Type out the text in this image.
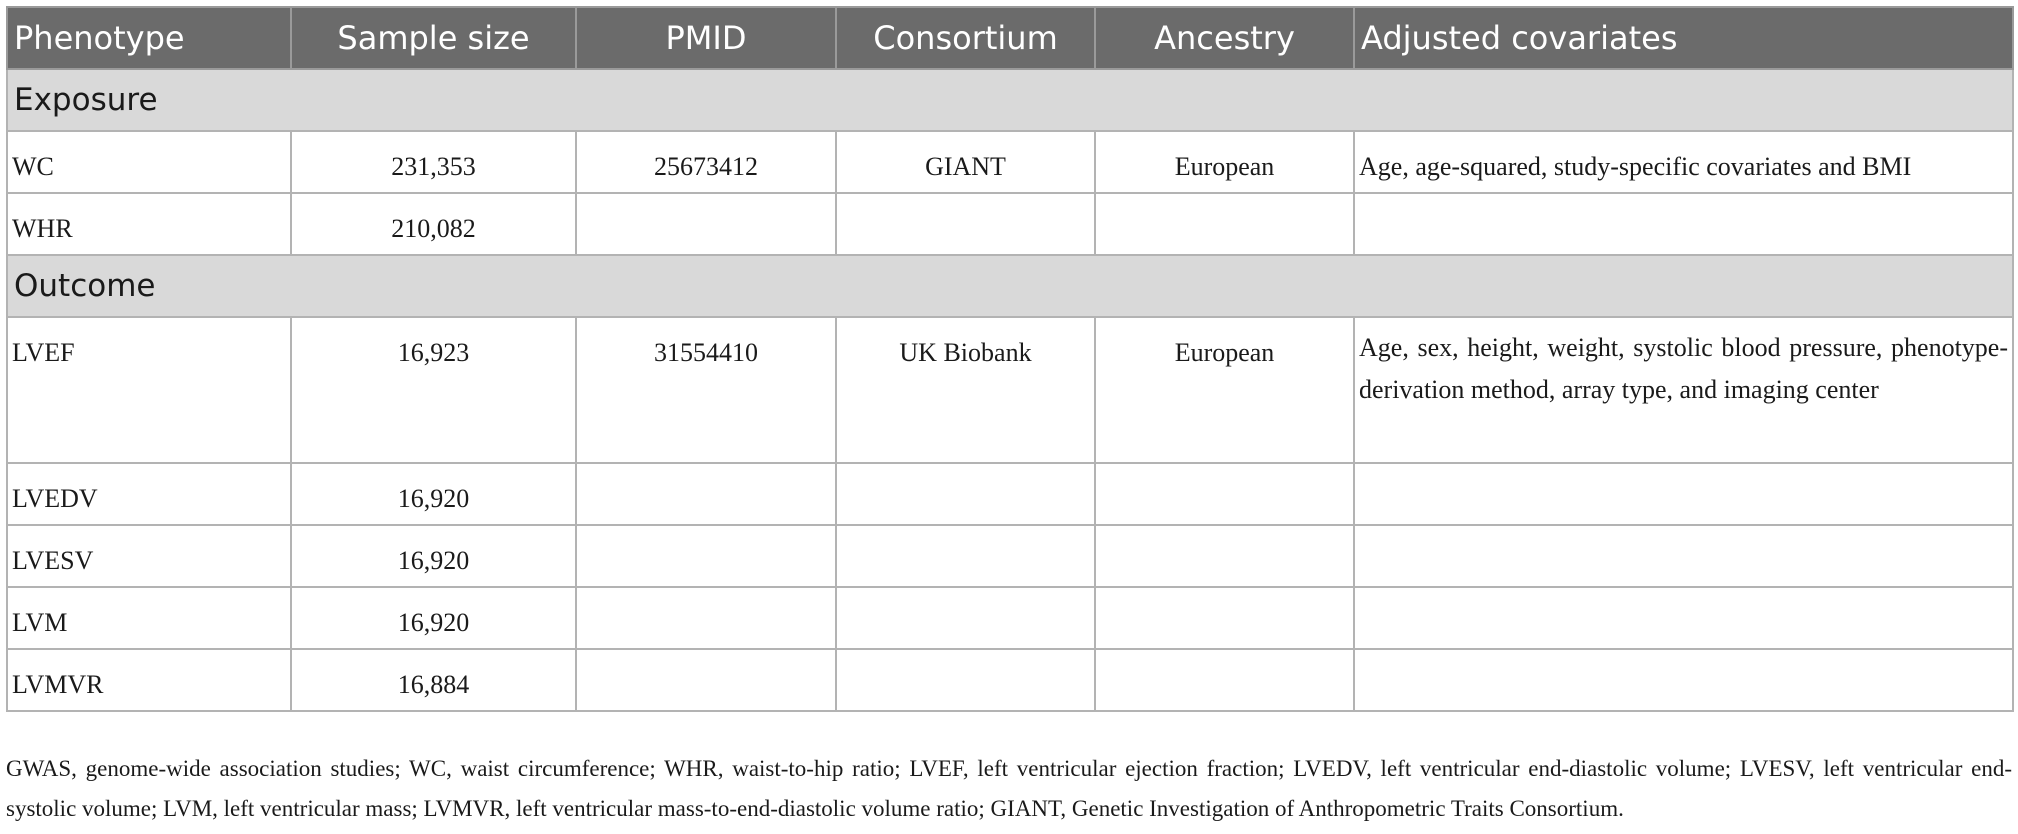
Phenotype	Sample size	PMID	Consortium	Ancestry	Adjusted covariates
Exposure					
WC	231,353	25673412	GIANT	European	Age, age-squared, study-specific covariates and BMI
WHR	210,082				
Outcome					
LVEF	16,923	31554410	UK Biobank	European	Age, sex, height, weight, systolic blood pressure, phenotype-derivation method, array type, and imaging center
LVEDV	16,920				
LVESV	16,920				
LVM	16,920				
LVMVR	16,884				

GWAS, genome-wide association studies; WC, waist circumference; WHR, waist-to-hip ratio; LVEF, left ventricular ejection fraction; LVEDV, left ventricular end-diastolic volume; LVESV, left ventricular end-systolic volume; LVM, left ventricular mass; LVMVR, left ventricular mass-to-end-diastolic volume ratio; GIANT, Genetic Investigation of Anthropometric Traits Consortium.
